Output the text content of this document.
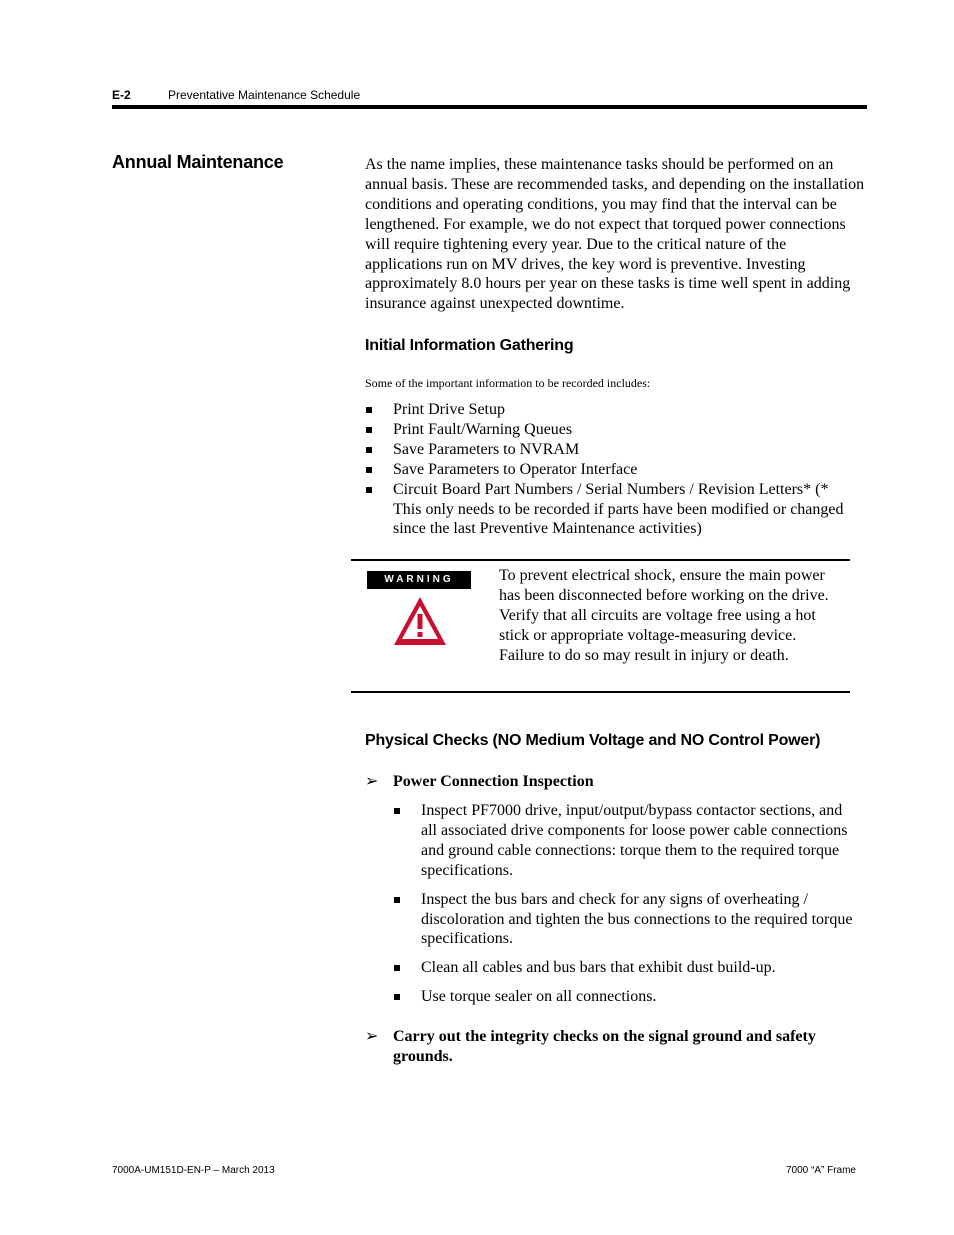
E-2	Preventative Maintenance Schedule
Annual Maintenance	As the name implies, these maintenance tasks should be performed on an annual basis. These are recommended tasks, and depending on the installation conditions and operating conditions, you may find that the interval can be lengthened. For example, we do not expect that torqued power connections will require tightening every year. Due to the critical nature of the applications run on MV drives, the key word is preventive. Investing approximately 8.0 hours per year on these tasks is time well spent in adding insurance against unexpected downtime.
Initial Information Gathering
Some of the important information to be recorded includes:
Print Drive Setup
Print Fault/Warning Queues
Save Parameters to NVRAM
Save Parameters to Operator Interface
Circuit Board Part Numbers / Serial Numbers / Revision Letters* (* This only needs to be recorded if parts have been modified or changed since the last Preventive Maintenance activities)
WARNING	To prevent electrical shock, ensure the main power has been disconnected before working on the drive. Verify that all circuits are voltage free using a hot stick or appropriate voltage-measuring device. Failure to do so may result in injury or death.
Physical Checks (NO Medium Voltage and NO Control Power)
➢ Power Connection Inspection
Inspect PF7000 drive, input/output/bypass contactor sections, and all associated drive components for loose power cable connections and ground cable connections: torque them to the required torque specifications.
Inspect the bus bars and check for any signs of overheating / discoloration and tighten the bus connections to the required torque specifications.
Clean all cables and bus bars that exhibit dust build-up.
Use torque sealer on all connections.
➢ Carry out the integrity checks on the signal ground and safety grounds.
7000A-UM151D-EN-P – March 2013	7000 “A” Frame
